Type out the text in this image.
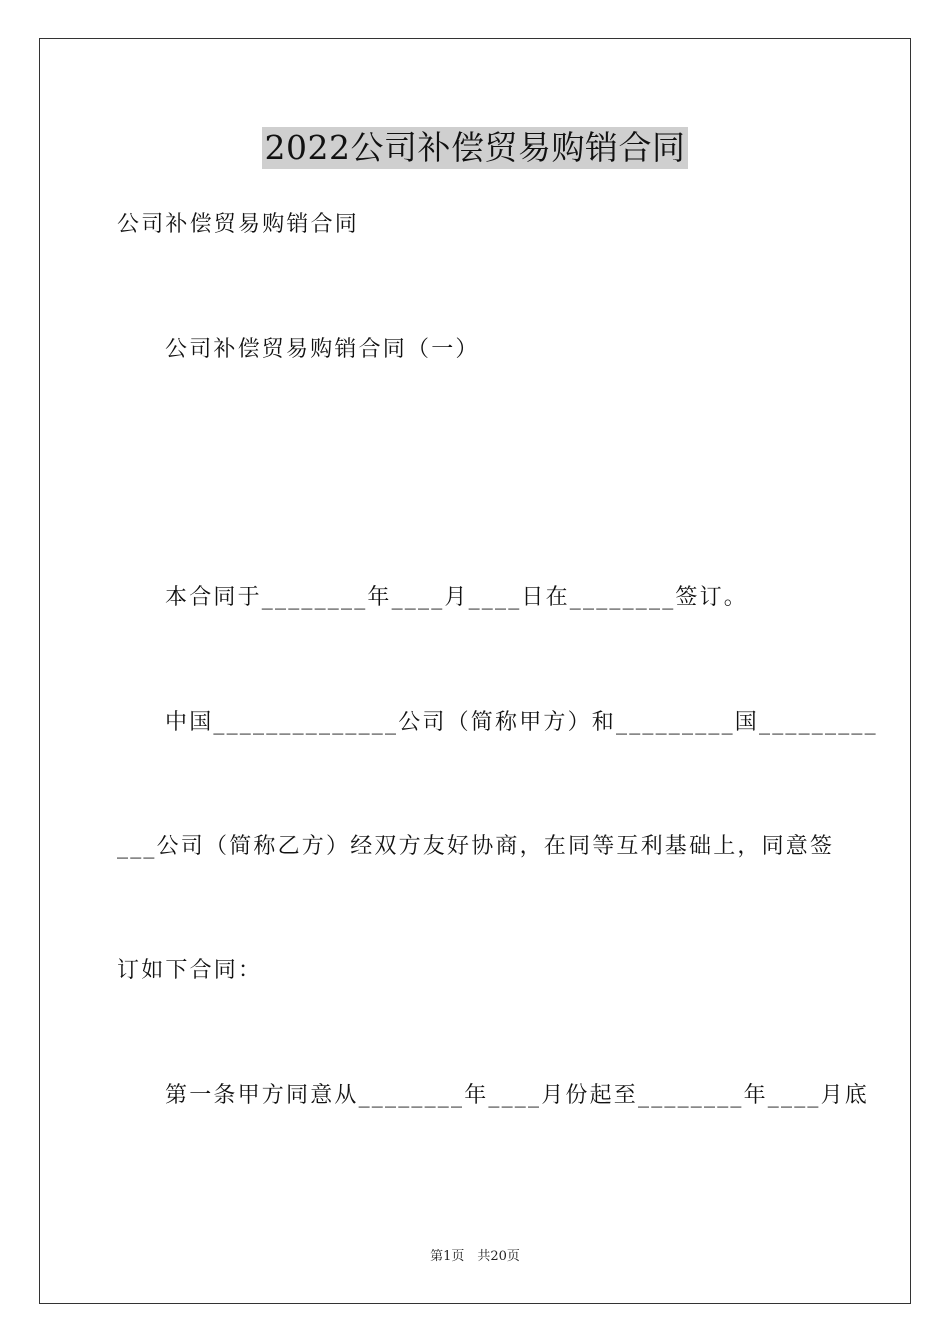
2022公司补偿贸易购销合同
公司补偿贸易购销合同
公司补偿贸易购销合同（一）
本合同于________年____月____日在________签订。
中国______________公司（简称甲方）和_________国_________
___公司（简称乙方）经双方友好协商，在同等互利基础上，同意签
订如下合同：
第一条甲方同意从________年____月份起至________年____月底
第1页　共20页
